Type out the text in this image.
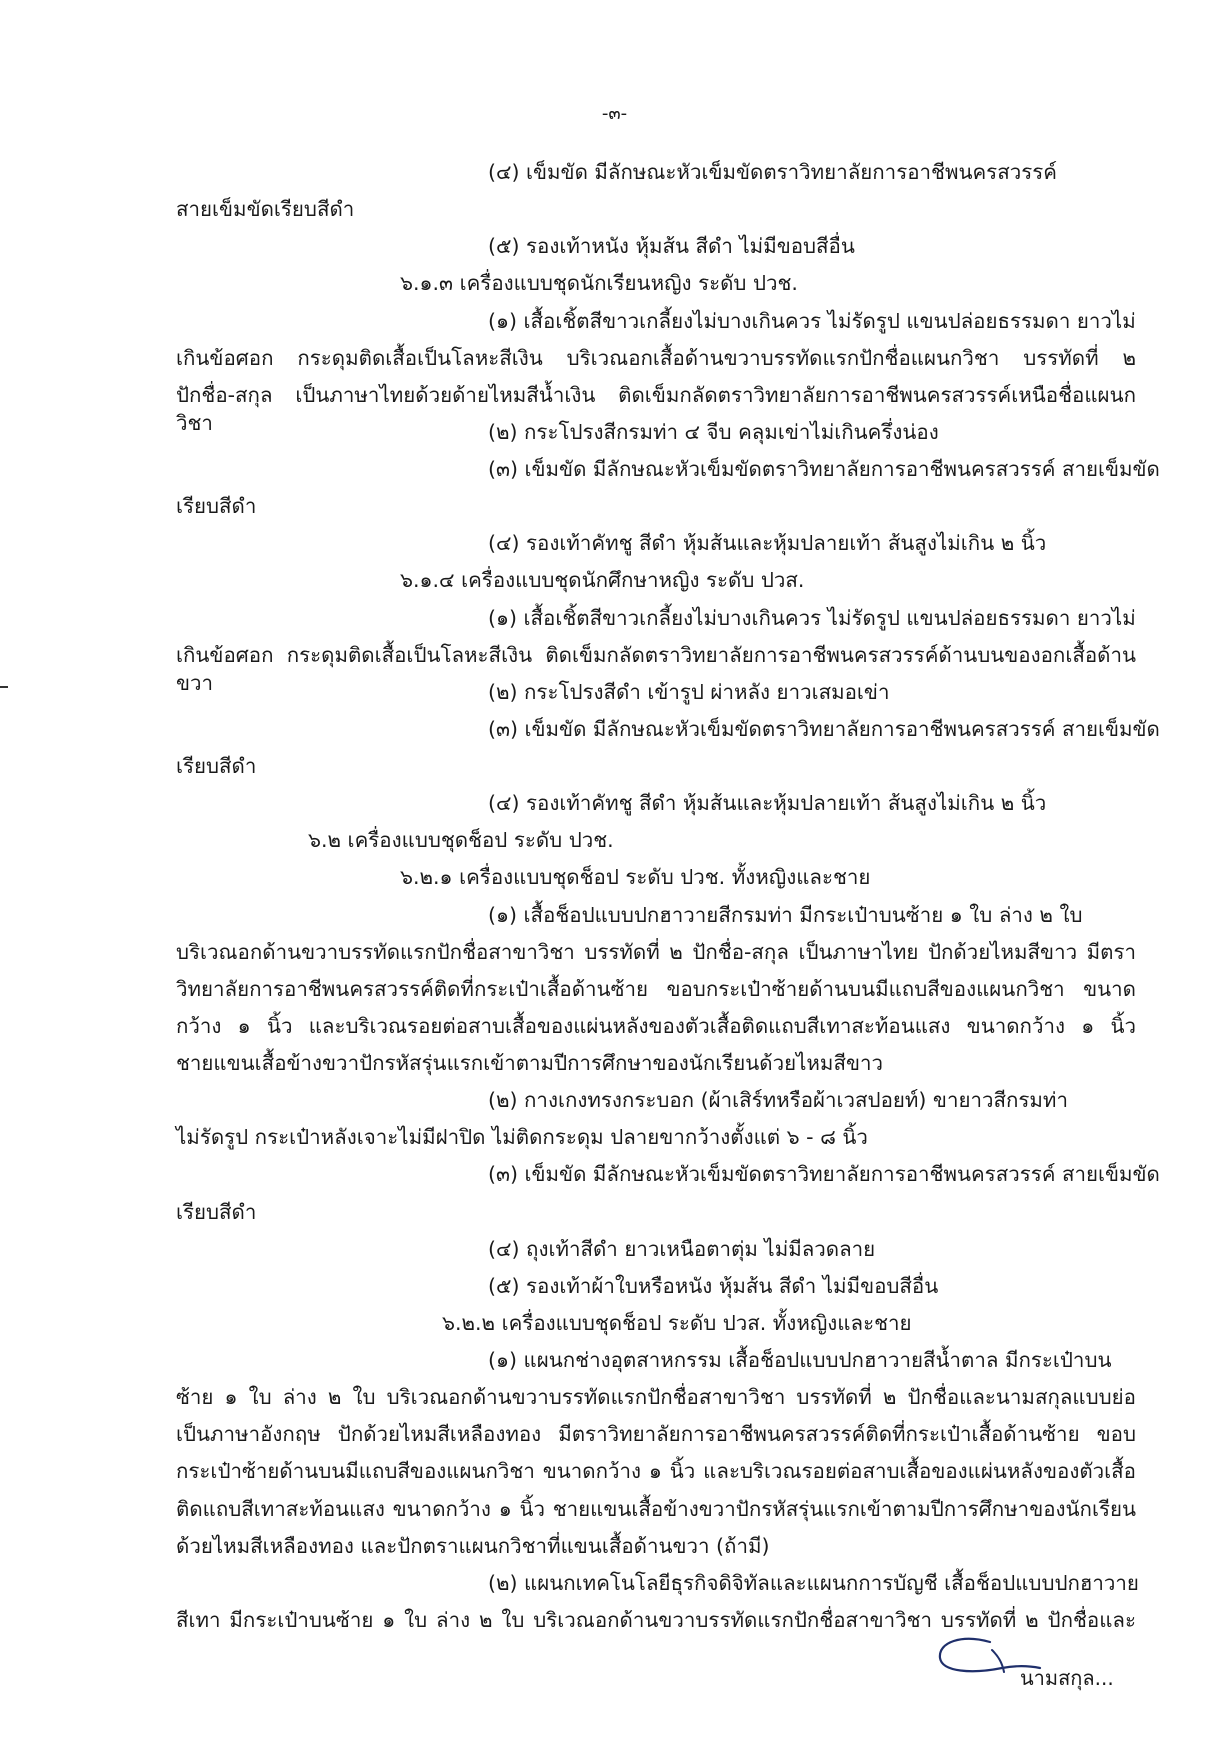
-๓-
(๔) เข็มขัด มีลักษณะหัวเข็มขัดตราวิทยาลัยการอาชีพนครสวรรค์
สายเข็มขัดเรียบสีดำ
(๕) รองเท้าหนัง หุ้มส้น สีดำ ไม่มีขอบสีอื่น
๖.๑.๓ เครื่องแบบชุดนักเรียนหญิง ระดับ ปวช.
(๑) เสื้อเชิ้ตสีขาวเกลี้ยงไม่บางเกินควร ไม่รัดรูป แขนปล่อยธรรมดา ยาวไม่
เกินข้อศอก กระดุมติดเสื้อเป็นโลหะสีเงิน บริเวณอกเสื้อด้านขวาบรรทัดแรกปักชื่อแผนกวิชา บรรทัดที่ ๒
ปักชื่อ-สกุล เป็นภาษาไทยด้วยด้ายไหมสีน้ำเงิน ติดเข็มกลัดตราวิทยาลัยการอาชีพนครสวรรค์เหนือชื่อแผนกวิชา	(๒) กระโปรงสีกรมท่า ๔ จีบ คลุมเข่าไม่เกินครึ่งน่อง
(๓) เข็มขัด มีลักษณะหัวเข็มขัดตราวิทยาลัยการอาชีพนครสวรรค์ สายเข็มขัด
เรียบสีดำ
(๔) รองเท้าคัทชู สีดำ หุ้มส้นและหุ้มปลายเท้า ส้นสูงไม่เกิน ๒ นิ้ว
๖.๑.๔ เครื่องแบบชุดนักศึกษาหญิง ระดับ ปวส.
(๑) เสื้อเชิ้ตสีขาวเกลี้ยงไม่บางเกินควร ไม่รัดรูป แขนปล่อยธรรมดา ยาวไม่
เกินข้อศอก กระดุมติดเสื้อเป็นโลหะสีเงิน ติดเข็มกลัดตราวิทยาลัยการอาชีพนครสวรรค์ด้านบนของอกเสื้อด้านขวา	(๒) กระโปรงสีดำ เข้ารูป ผ่าหลัง ยาวเสมอเข่า
(๓) เข็มขัด มีลักษณะหัวเข็มขัดตราวิทยาลัยการอาชีพนครสวรรค์ สายเข็มขัด
เรียบสีดำ
(๔) รองเท้าคัทชู สีดำ หุ้มส้นและหุ้มปลายเท้า ส้นสูงไม่เกิน ๒ นิ้ว
๖.๒ เครื่องแบบชุดช็อป ระดับ ปวช.
๖.๒.๑ เครื่องแบบชุดช็อป ระดับ ปวช. ทั้งหญิงและชาย
(๑) เสื้อช็อปแบบปกฮาวายสีกรมท่า มีกระเป๋าบนซ้าย ๑ ใบ ล่าง ๒ ใบ
บริเวณอกด้านขวาบรรทัดแรกปักชื่อสาขาวิชา บรรทัดที่ ๒ ปักชื่อ-สกุล เป็นภาษาไทย ปักด้วยไหมสีขาว มีตรา
วิทยาลัยการอาชีพนครสวรรค์ติดที่กระเป๋าเสื้อด้านซ้าย ขอบกระเป๋าซ้ายด้านบนมีแถบสีของแผนกวิชา ขนาด
กว้าง ๑ นิ้ว และบริเวณรอยต่อสาบเสื้อของแผ่นหลังของตัวเสื้อติดแถบสีเทาสะท้อนแสง ขนาดกว้าง ๑ นิ้ว
ชายแขนเสื้อข้างขวาปักรหัสรุ่นแรกเข้าตามปีการศึกษาของนักเรียนด้วยไหมสีขาว
(๒) กางเกงทรงกระบอก (ผ้าเสิร์ทหรือผ้าเวสปอยท์) ขายาวสีกรมท่า
ไม่รัดรูป กระเป๋าหลังเจาะไม่มีฝาปิด ไม่ติดกระดุม ปลายขากว้างตั้งแต่ ๖ - ๘ นิ้ว
(๓) เข็มขัด มีลักษณะหัวเข็มขัดตราวิทยาลัยการอาชีพนครสวรรค์ สายเข็มขัด
เรียบสีดำ
(๔) ถุงเท้าสีดำ ยาวเหนือตาตุ่ม ไม่มีลวดลาย
(๕) รองเท้าผ้าใบหรือหนัง หุ้มส้น สีดำ ไม่มีขอบสีอื่น
๖.๒.๒ เครื่องแบบชุดช็อป ระดับ ปวส. ทั้งหญิงและชาย
(๑) แผนกช่างอุตสาหกรรม เสื้อช็อปแบบปกฮาวายสีน้ำตาล มีกระเป๋าบน
ซ้าย ๑ ใบ ล่าง ๒ ใบ บริเวณอกด้านขวาบรรทัดแรกปักชื่อสาขาวิชา บรรทัดที่ ๒ ปักชื่อและนามสกุลแบบย่อ
เป็นภาษาอังกฤษ ปักด้วยไหมสีเหลืองทอง มีตราวิทยาลัยการอาชีพนครสวรรค์ติดที่กระเป๋าเสื้อด้านซ้าย ขอบ
กระเป๋าซ้ายด้านบนมีแถบสีของแผนกวิชา ขนาดกว้าง ๑ นิ้ว และบริเวณรอยต่อสาบเสื้อของแผ่นหลังของตัวเสื้อ
ติดแถบสีเทาสะท้อนแสง ขนาดกว้าง ๑ นิ้ว ชายแขนเสื้อข้างขวาปักรหัสรุ่นแรกเข้าตามปีการศึกษาของนักเรียน
ด้วยไหมสีเหลืองทอง และปักตราแผนกวิชาที่แขนเสื้อด้านขวา (ถ้ามี)
(๒) แผนกเทคโนโลยีธุรกิจดิจิทัลและแผนกการบัญชี เสื้อช็อปแบบปกฮาวาย
สีเทา มีกระเป๋าบนซ้าย ๑ ใบ ล่าง ๒ ใบ บริเวณอกด้านขวาบรรทัดแรกปักชื่อสาขาวิชา บรรทัดที่ ๒ ปักชื่อและ
นามสกุล...
